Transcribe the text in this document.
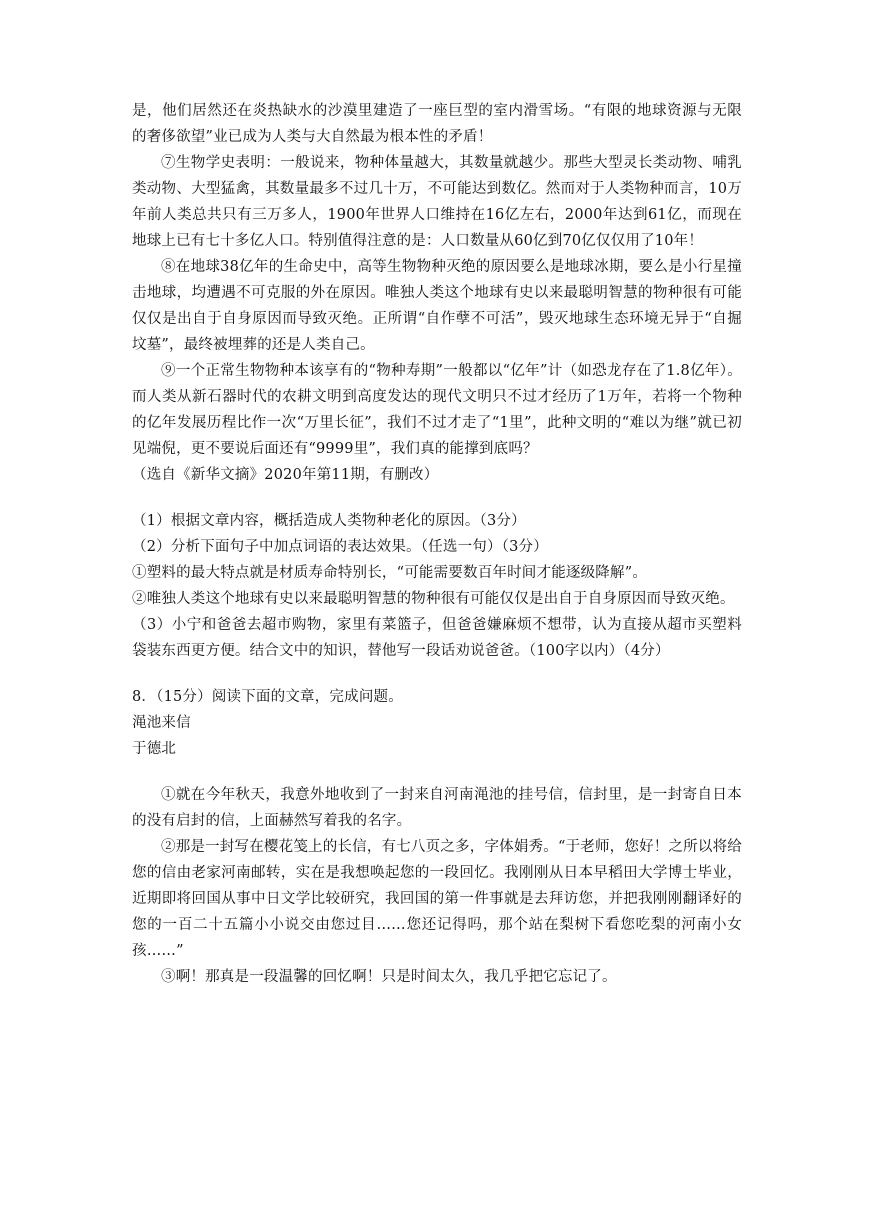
是，他们居然还在炎热缺水的沙漠里建造了一座巨型的室内滑雪场。“有限的地球资源与无限的奢侈欲望”业已成为人类与大自然最为根本性的矛盾！

⑦生物学史表明：一般说来，物种体量越大，其数量就越少。那些大型灵长类动物、哺乳类动物、大型猛禽，其数量最多不过几十万，不可能达到数亿。然而对于人类物种而言，10万年前人类总共只有三万多人，1900年世界人口维持在16亿左右，2000年达到61亿，而现在地球上已有七十多亿人口。特别值得注意的是：人口数量从60亿到70亿仅仅用了10年！

⑧在地球38亿年的生命史中，高等生物物种灭绝的原因要么是地球冰期，要么是小行星撞击地球，均遭遇不可克服的外在原因。唯独人类这个地球有史以来最聪明智慧的物种很有可能仅仅是出自于自身原因而导致灭绝。正所谓“自作孽不可活”，毁灭地球生态环境无异于“自掘坟墓”，最终被埋葬的还是人类自己。

⑨一个正常生物物种本该享有的“物种寿期”一般都以“亿年”计（如恐龙存在了1.8亿年）。而人类从新石器时代的农耕文明到高度发达的现代文明只不过才经历了1万年，若将一个物种的亿年发展历程比作一次“万里长征”，我们不过才走了“1里”，此种文明的“难以为继”就已初见端倪，更不要说后面还有“9999里”，我们真的能撑到底吗？

（选自《新华文摘》2020年第11期，有删改）

（1）根据文章内容，概括造成人类物种老化的原因。（3分）

（2）分析下面句子中加点词语的表达效果。（任选一句）（3分）

①塑料的最大特点就是材质寿命特别长，“可能需要数百年时间才能逐级降解”。

②唯独人类这个地球有史以来最聪明智慧的物种很有可能仅仅是出自于自身原因而导致灭绝。

（3）小宁和爸爸去超市购物，家里有菜篮子，但爸爸嫌麻烦不想带，认为直接从超市买塑料袋装东西更方便。结合文中的知识，替他写一段话劝说爸爸。（100字以内）（4分）

8．（15分）阅读下面的文章，完成问题。

渑池来信

于德北

①就在今年秋天，我意外地收到了一封来自河南渑池的挂号信，信封里，是一封寄自日本的没有启封的信，上面赫然写着我的名字。

②那是一封写在樱花笺上的长信，有七八页之多，字体娟秀。“于老师，您好！之所以将给您的信由老家河南邮转，实在是我想唤起您的一段回忆。我刚刚从日本早稻田大学博士毕业，近期即将回国从事中日文学比较研究，我回国的第一件事就是去拜访您，并把我刚刚翻译好的您的一百二十五篇小小说交由您过目……您还记得吗，那个站在梨树下看您吃梨的河南小女孩……”

③啊！那真是一段温馨的回忆啊！只是时间太久，我几乎把它忘记了。
